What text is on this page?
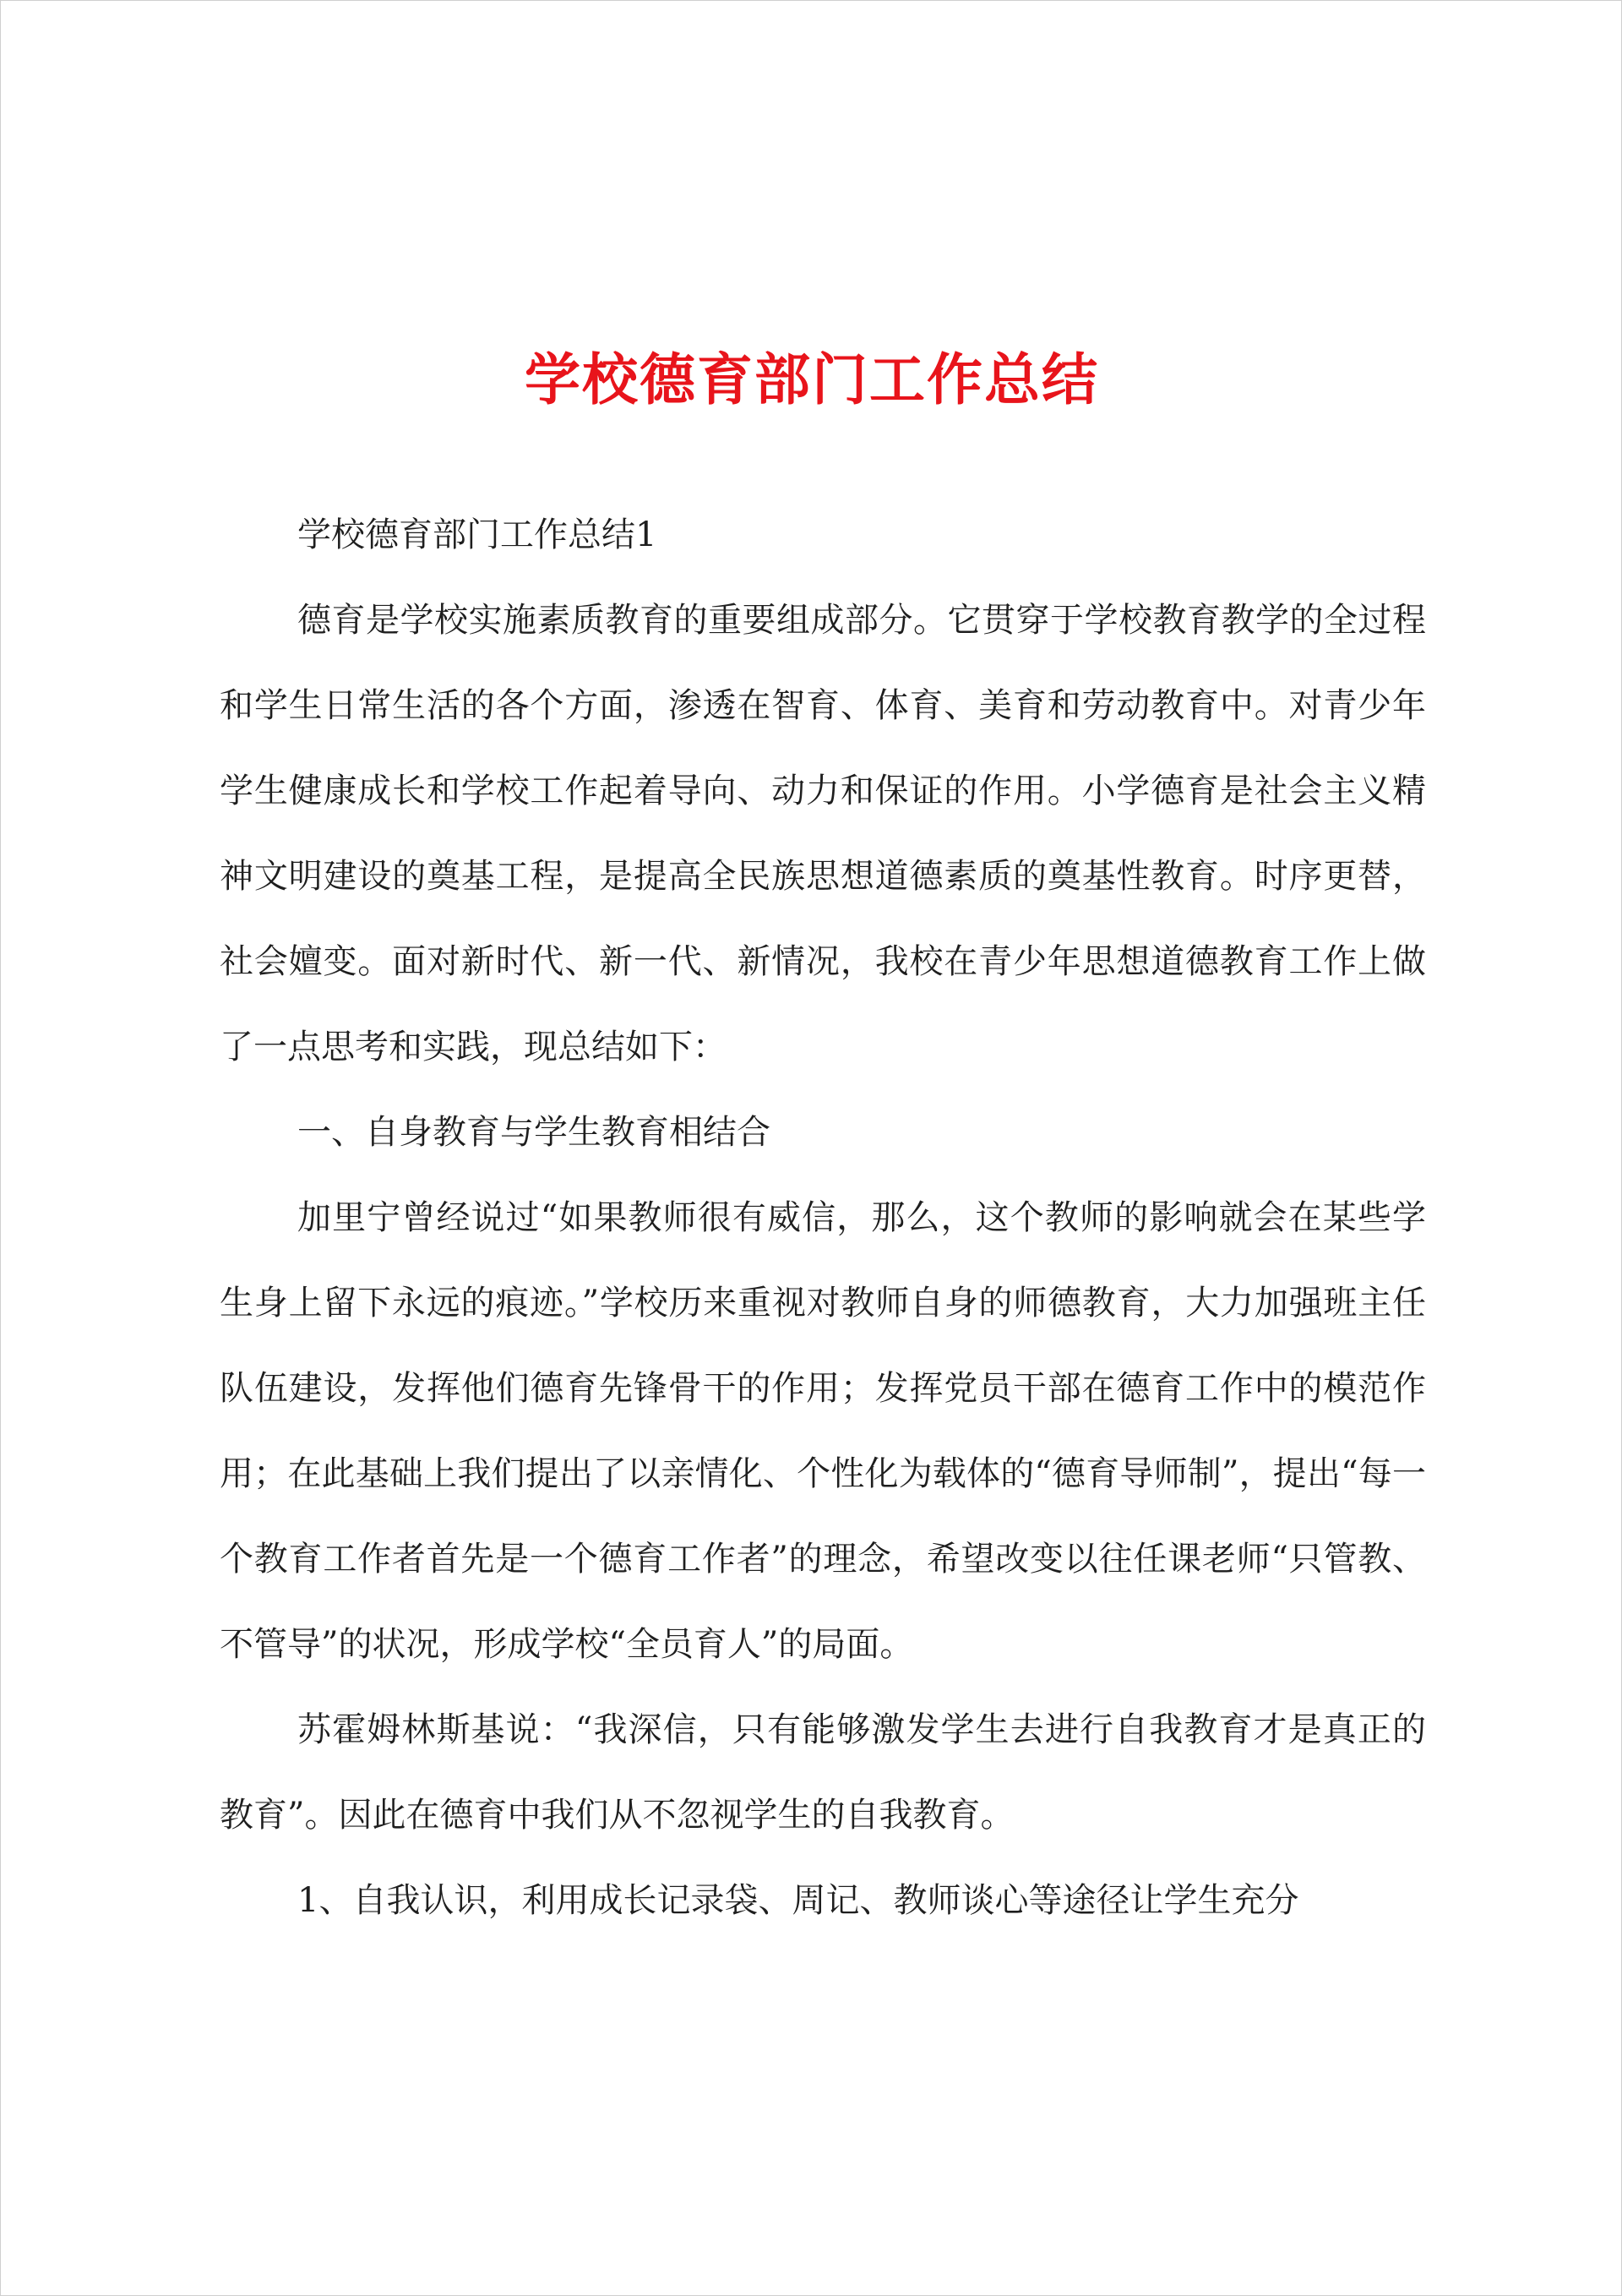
学校德育部门工作总结

学校德育部门工作总结1

德育是学校实施素质教育的重要组成部分。它贯穿于学校教育教学的全过程和学生日常生活的各个方面，渗透在智育、体育、美育和劳动教育中。对青少年学生健康成长和学校工作起着导向、动力和保证的作用。小学德育是社会主义精神文明建设的奠基工程，是提高全民族思想道德素质的奠基性教育。时序更替，社会嬗变。面对新时代、新一代、新情况，我校在青少年思想道德教育工作上做了一点思考和实践，现总结如下：

一、自身教育与学生教育相结合

加里宁曾经说过“如果教师很有威信，那么，这个教师的影响就会在某些学生身上留下永远的痕迹。”学校历来重视对教师自身的师德教育，大力加强班主任队伍建设，发挥他们德育先锋骨干的作用；发挥党员干部在德育工作中的模范作用；在此基础上我们提出了以亲情化、个性化为载体的“德育导师制”，提出“每一个教育工作者首先是一个德育工作者”的理念，希望改变以往任课老师“只管教、不管导”的状况，形成学校“全员育人”的局面。

苏霍姆林斯基说：“我深信，只有能够激发学生去进行自我教育才是真正的教育”。因此在德育中我们从不忽视学生的自我教育。

1、自我认识，利用成长记录袋、周记、教师谈心等途径让学生充分
